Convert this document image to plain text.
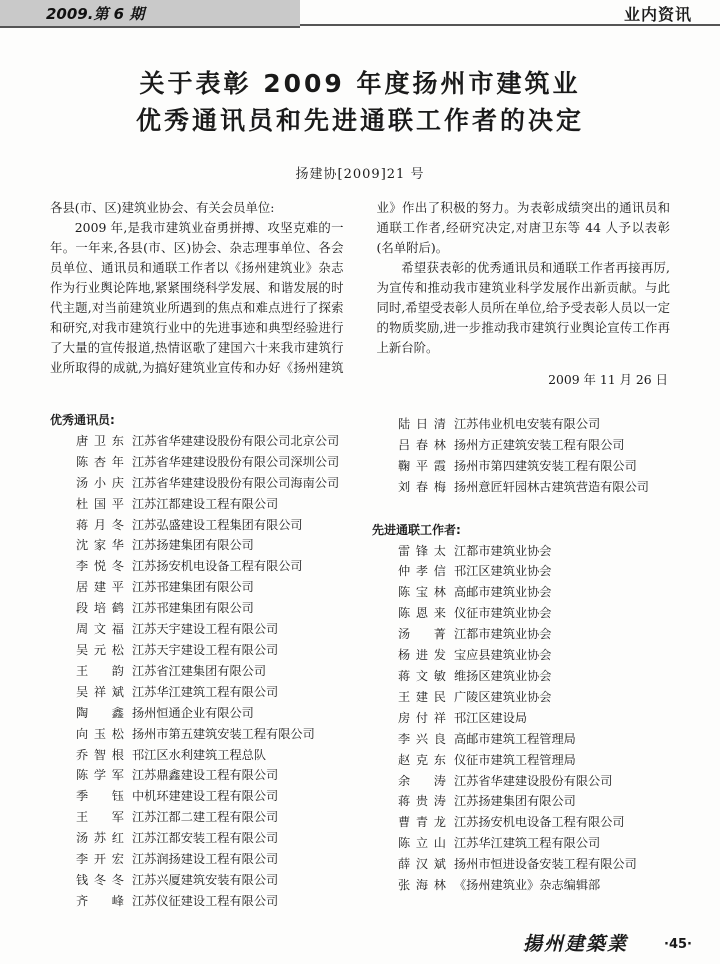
2009.第 6 期	业内资讯
关于表彰 2009 年度扬州市建筑业
优秀通讯员和先进通联工作者的决定
扬建协[2009]21 号

各县(市、区)建筑业协会、有关会员单位:

2009 年,是我市建筑业奋勇拼搏、攻坚克难的一年。一年来,各县(市、区)协会、杂志理事单位、各会员单位、通讯员和通联工作者以《扬州建筑业》杂志作为行业舆论阵地,紧紧围绕科学发展、和谐发展的时代主题,对当前建筑业所遇到的焦点和难点进行了探索和研究,对我市建筑行业中的先进事迹和典型经验进行了大量的宣传报道,热情讴歌了建国六十来我市建筑行业所取得的成就,为搞好建筑业宣传和办好《扬州建筑业》作出了积极的努力。为表彰成绩突出的通讯员和通联工作者,经研究决定,对唐卫东等 44 人予以表彰(名单附后)。

希望获表彰的优秀通讯员和通联工作者再接再厉,为宣传和推动我市建筑业科学发展作出新贡献。与此同时,希望受表彰人员所在单位,给予受表彰人员以一定的物质奖励,进一步推动我市建筑行业舆论宣传工作再上新台阶。

2009 年 11 月 26 日
优秀通讯员:
唐卫东 江苏省华建建设股份有限公司北京公司
陈杏年 江苏省华建建设股份有限公司深圳公司
汤小庆 江苏省华建建设股份有限公司海南公司
杜国平 江苏江都建设工程有限公司
蒋月冬 江苏弘盛建设工程集团有限公司
沈家华 江苏扬建集团有限公司
李悦冬 江苏扬安机电设备工程有限公司
居建平 江苏邗建集团有限公司
段培鹤 江苏邗建集团有限公司
周文福 江苏天宇建设工程有限公司
吴元松 江苏天宇建设工程有限公司
王韵 江苏省江建集团有限公司
吴祥斌 江苏华江建筑工程有限公司
陶鑫 扬州恒通企业有限公司
向玉松 扬州市第五建筑安装工程有限公司
乔智根 邗江区水利建筑工程总队
陈学军 江苏鼎鑫建设工程有限公司
季钰 中机环建建设工程有限公司
王军 江苏江都二建工程有限公司
汤苏红 江苏江都安装工程有限公司
李开宏 江苏润扬建设工程有限公司
钱冬冬 江苏兴厦建筑安装有限公司
齐峰 江苏仪征建设工程有限公司
陆日清 江苏伟业机电安装有限公司
吕春林 扬州方正建筑安装工程有限公司
鞠平霞 扬州市第四建筑安装工程有限公司
刘春梅 扬州意匠轩园林古建筑营造有限公司
先进通联工作者:
雷锋太 江都市建筑业协会
仲孝信 邗江区建筑业协会
陈宝林 高邮市建筑业协会
陈恩来 仪征市建筑业协会
汤菁 江都市建筑业协会
杨进发 宝应县建筑业协会
蒋文敏 维扬区建筑业协会
王建民 广陵区建筑业协会
房付祥 邗江区建设局
李兴良 高邮市建筑工程管理局
赵克东 仪征市建筑工程管理局
余涛 江苏省华建建设股份有限公司
蒋贵涛 江苏扬建集团有限公司
曹青龙 江苏扬安机电设备工程有限公司
陈立山 江苏华江建筑工程有限公司
薛汉斌 扬州市恒进设备安装工程有限公司
张海林 《扬州建筑业》杂志编辑部
揚州建築業	·45·
